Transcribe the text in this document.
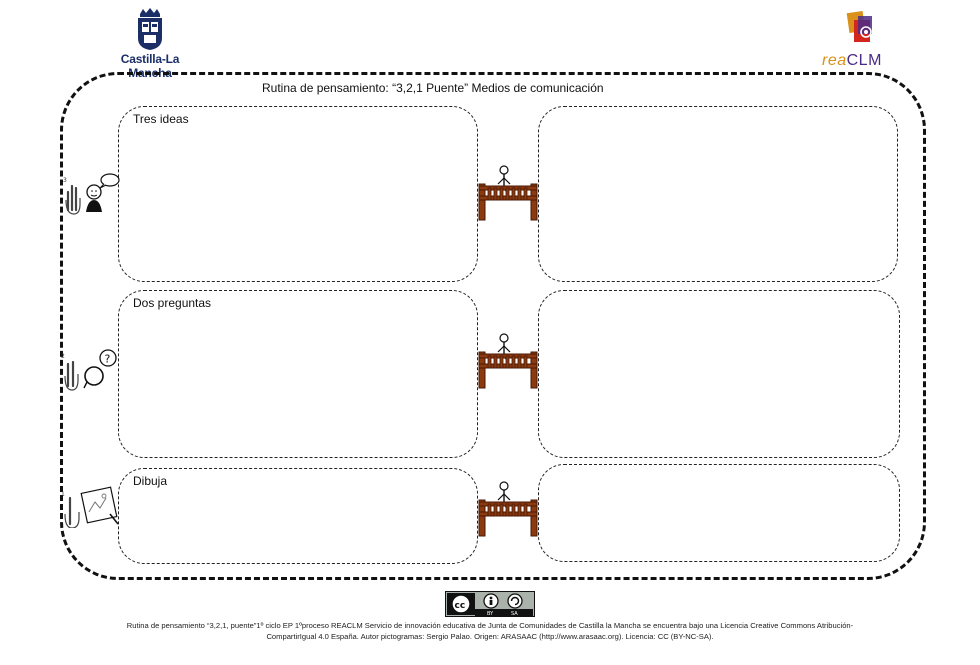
Castilla-La Mancha
reaCLM
Rutina de pensamiento: “3,2,1 Puente” Medios de comunicación
Tres ideas
Dos preguntas
Dibuja
3
2	?
1
cc
BY	SA
Rutina de pensamiento “3,2,1, puente”1º ciclo EP 1ºproceso REACLM Servicio de innovación educativa de Junta de Comunidades de Castilla la Mancha se encuentra bajo una Licencia Creative Commons Atribución-
CompartirIgual 4.0 España. Autor pictogramas: Sergio Palao. Origen: ARASAAC (http://www.arasaac.org). Licencia: CC (BY-NC-SA).
